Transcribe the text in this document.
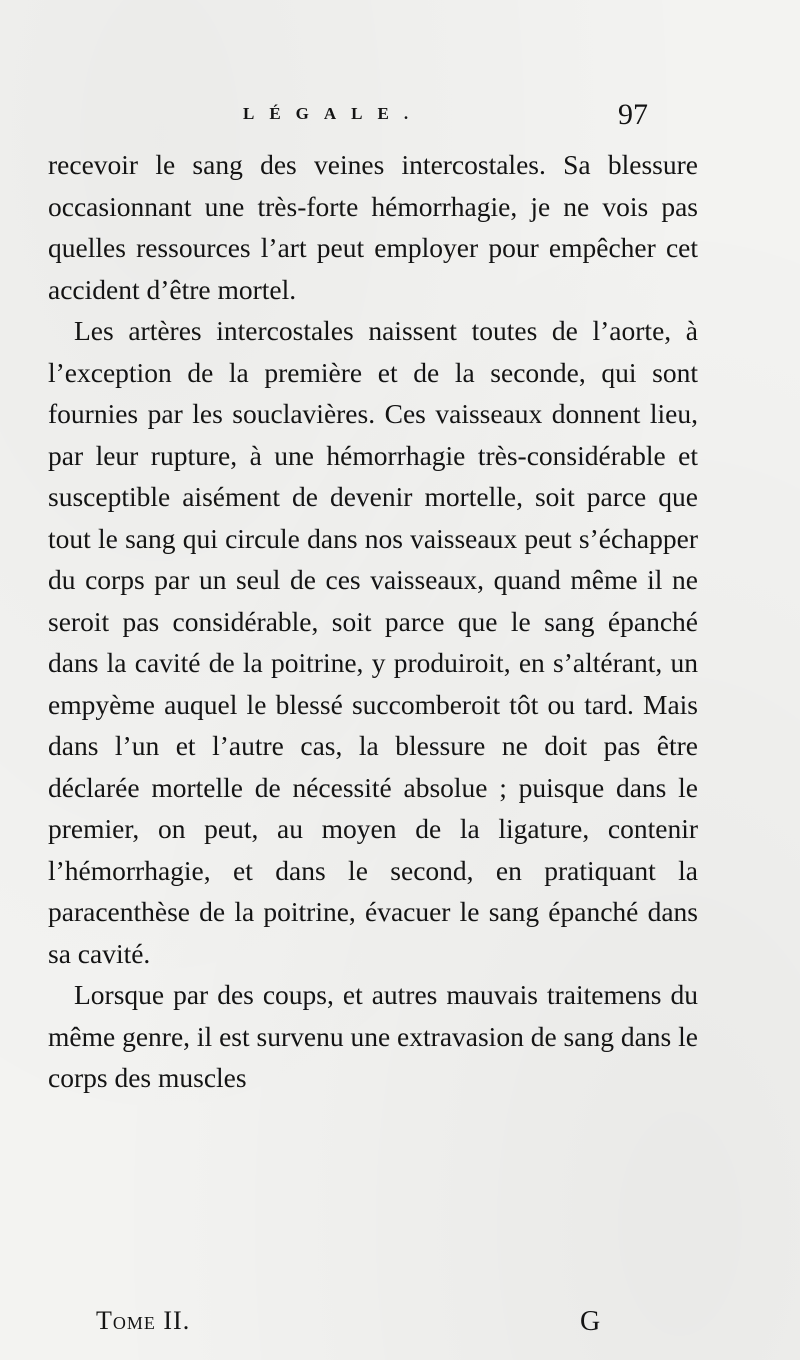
LÉGALE.	97

recevoir le sang des veines intercostales. Sa blessure occasionnant une très-forte hémorrhagie, je ne vois pas quelles ressources l’art peut employer pour empêcher cet accident d’être mortel.

Les artères intercostales naissent toutes de l’aorte, à l’exception de la première et de la seconde, qui sont fournies par les souclavières. Ces vaisseaux donnent lieu, par leur rupture, à une hémorrhagie très-considérable et susceptible aisément de devenir mortelle, soit parce que tout le sang qui circule dans nos vaisseaux peut s’échapper du corps par un seul de ces vaisseaux, quand même il ne seroit pas considérable, soit parce que le sang épanché dans la cavité de la poitrine, y produiroit, en s’altérant, un empyème auquel le blessé succomberoit tôt ou tard. Mais dans l’un et l’autre cas, la blessure ne doit pas être déclarée mortelle de nécessité absolue ; puisque dans le premier, on peut, au moyen de la ligature, contenir l’hémorrhagie, et dans le second, en pratiquant la paracenthèse de la poitrine, évacuer le sang épanché dans sa cavité.

Lorsque par des coups, et autres mauvais traitemens du même genre, il est survenu une extravasion de sang dans le corps des muscles

Tome II.	G
